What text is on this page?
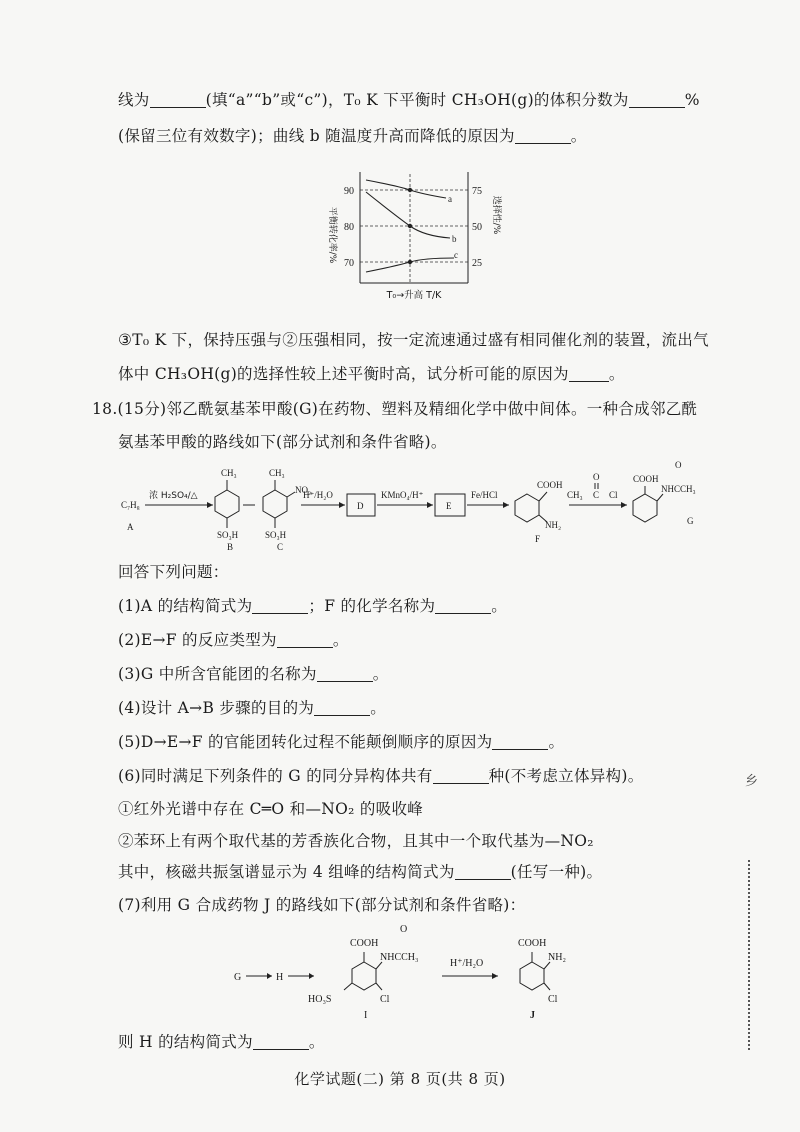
线为	(填“a”“b”或“c”)，T₀ K 下平衡时 CH₃OH(g)的体积分数为	%
(保留三位有效数字)；曲线 b 随温度升高而降低的原因为	。
平衡转化率/%	选择性/%
90
80
70
75
50
25
a
b
c
T₀→升高 T/K
③T₀ K 下，保持压强与②压强相同，按一定流速通过盛有相同催化剂的装置，流出气
体中 CH₃OH(g)的选择性较上述平衡时高，试分析可能的原因为	。
18.(15分)邻乙酰氨基苯甲酸(G)在药物、塑料及精细化学中做中间体。一种合成邻乙酰
氨基苯甲酸的路线如下(部分试剂和条件省略)。
C₇H₈
A
浓 H₂SO₄/△
CH₃
SO₃H
B
CH₃
NO₂
SO₃H
C
H⁺/H₂O
D
KMnO₄/H⁺
E
Fe/HCl
COOH
NH₂
F
CH₃ C Cl
O	COOH
O
NHCCH₃
G
回答下列问题：
(1)A 的结构简式为	；F 的化学名称为	。
(2)E→F 的反应类型为	。
(3)G 中所含官能团的名称为	。
(4)设计 A→B 步骤的目的为	。
(5)D→E→F 的官能团转化过程不能颠倒顺序的原因为	。
(6)同时满足下列条件的 G 的同分异构体共有	种(不考虑立体异构)。
①红外光谱中存在 C═O 和—NO₂ 的吸收峰
②苯环上有两个取代基的芳香族化合物，且其中一个取代基为—NO₂
其中，核磁共振氢谱显示为 4 组峰的结构简式为	(任写一种)。
(7)利用 G 合成药物 J 的路线如下(部分试剂和条件省略)：
G	H
COOH
O
NHCCH₃
HO₃S	Cl
I
H⁺/H₂O
COOH
NH₂
Cl
J
则 H 的结构简式为	。
乡
化学试题(二) 第 8 页(共 8 页)
